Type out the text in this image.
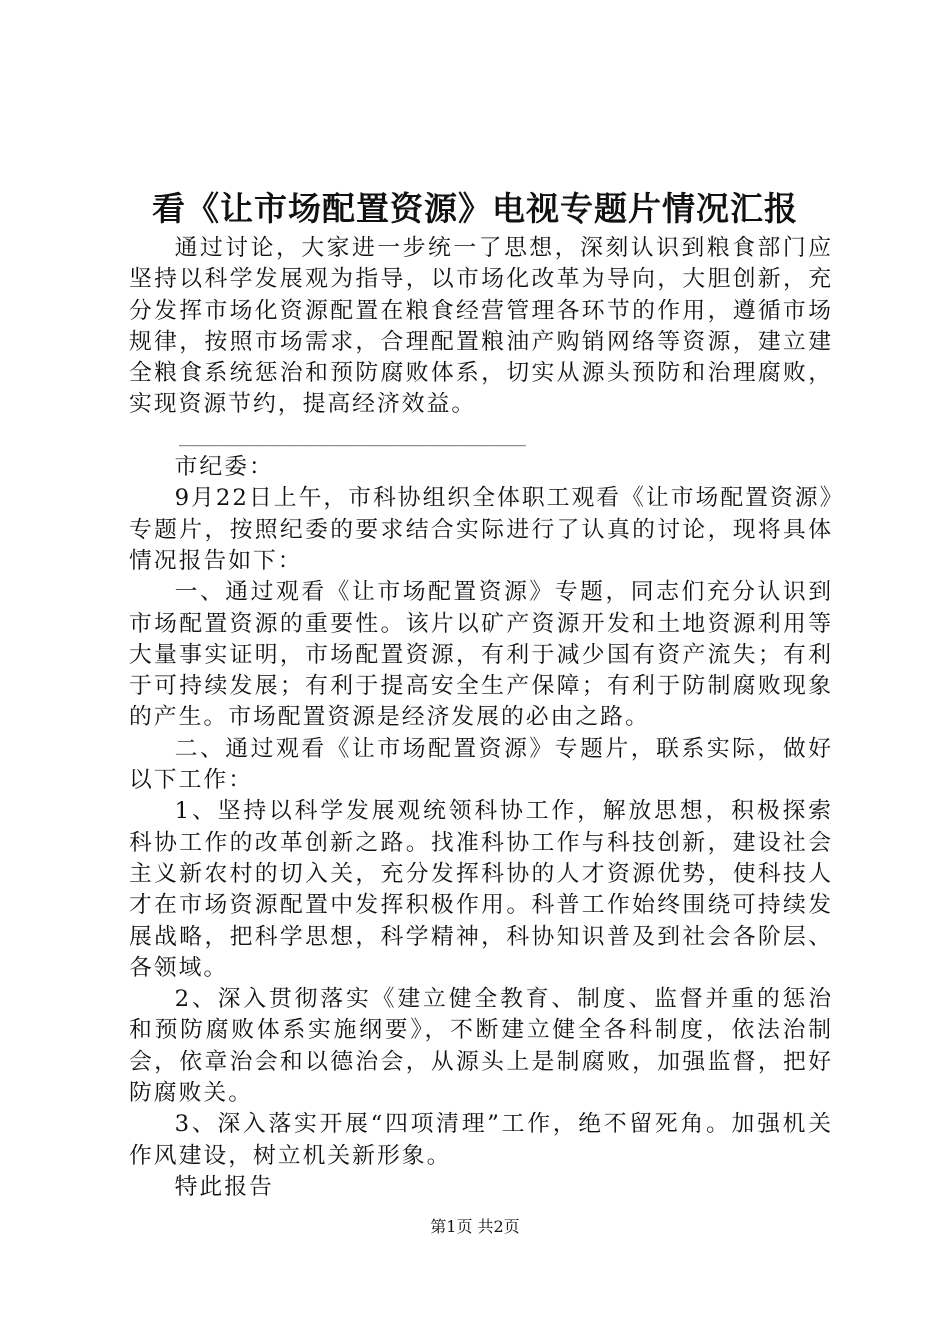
看《让市场配置资源》电视专题片情况汇报

通过讨论，大家进一步统一了思想，深刻认识到粮食部门应坚持以科学发展观为指导，以市场化改革为导向，大胆创新，充分发挥市场化资源配置在粮食经营管理各环节的作用，遵循市场规律，按照市场需求，合理配置粮油产购销网络等资源，建立建全粮食系统惩治和预防腐败体系，切实从源头预防和治理腐败，实现资源节约，提高经济效益。

________________________________

市纪委：

9月22日上午，市科协组织全体职工观看《让市场配置资源》专题片，按照纪委的要求结合实际进行了认真的讨论，现将具体情况报告如下：

一、通过观看《让市场配置资源》专题，同志们充分认识到市场配置资源的重要性。该片以矿产资源开发和土地资源利用等大量事实证明，市场配置资源，有利于减少国有资产流失；有利于可持续发展；有利于提高安全生产保障；有利于防制腐败现象的产生。市场配置资源是经济发展的必由之路。

二、通过观看《让市场配置资源》专题片，联系实际，做好以下工作：

1、坚持以科学发展观统领科协工作，解放思想，积极探索科协工作的改革创新之路。找准科协工作与科技创新，建设社会主义新农村的切入关，充分发挥科协的人才资源优势，使科技人才在市场资源配置中发挥积极作用。科普工作始终围绕可持续发展战略，把科学思想，科学精神，科协知识普及到社会各阶层、各领域。

2、深入贯彻落实《建立健全教育、制度、监督并重的惩治和预防腐败体系实施纲要》，不断建立健全各科制度，依法治制会，依章治会和以德治会，从源头上是制腐败，加强监督，把好防腐败关。

3、深入落实开展“四项清理”工作，绝不留死角。加强机关作风建设，树立机关新形象。

特此报告

第1页 共2页
